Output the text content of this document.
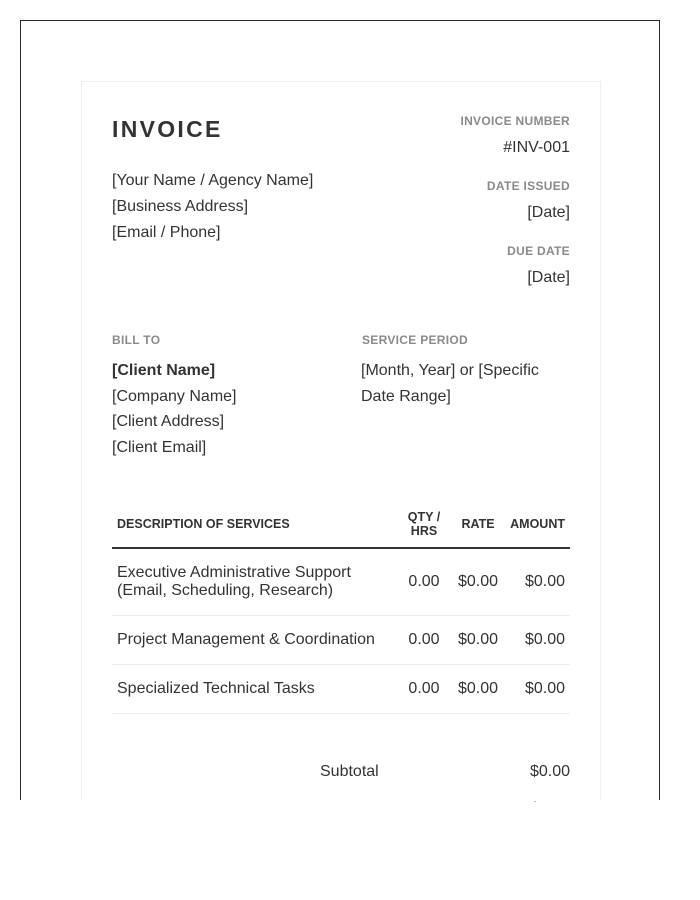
INVOICE
[Your Name / Agency Name]
[Business Address]
[Email / Phone]
INVOICE NUMBER
#INV-001
DATE ISSUED
[Date]
DUE DATE
[Date]
BILL TO
[Client Name]
[Company Name]
[Client Address]
[Client Email]
SERVICE PERIOD
[Month, Year] or [Specific Date Range]
DESCRIPTION OF SERVICES	QTY / HRS	RATE	AMOUNT
Executive Administrative Support (Email, Scheduling, Research)	0.00	$0.00	$0.00
Project Management & Coordination	0.00	$0.00	$0.00
Specialized Technical Tasks	0.00	$0.00	$0.00
Subtotal	$0.00
